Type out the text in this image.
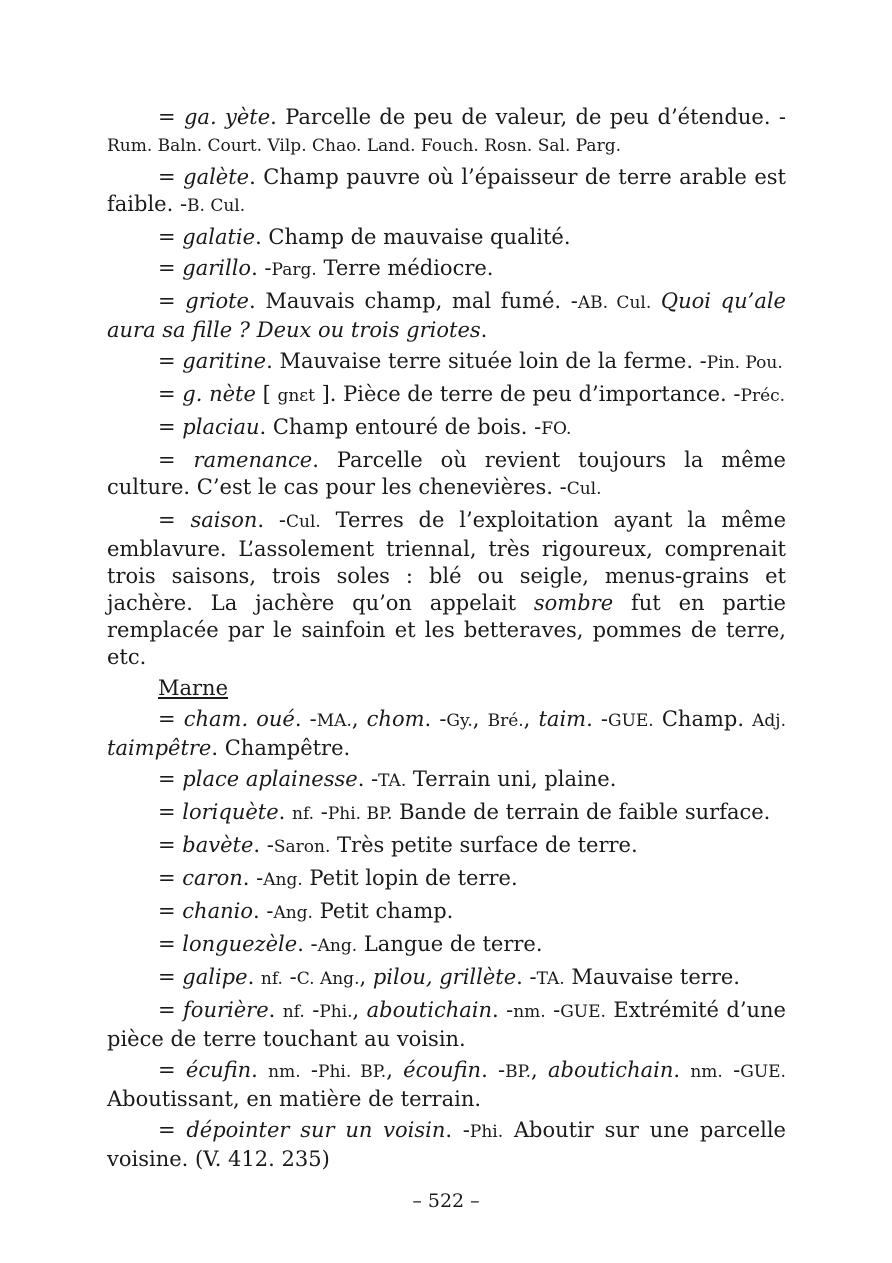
= ga. yète. Parcelle de peu de valeur, de peu d’étendue. -Rum. Baln. Court. Vilp. Chao. Land. Fouch. Rosn. Sal. Parg.
= galète. Champ pauvre où l’épaisseur de terre arable est faible. -B. Cul.
= galatie. Champ de mauvaise qualité.
= garillo. -Parg. Terre médiocre.
= griote. Mauvais champ, mal fumé. -AB. Cul. Quoi qu’ale aura sa fille ? Deux ou trois griotes.
= garitine. Mauvaise terre située loin de la ferme. -Pin. Pou.
= g. nète [ gnɛt ]. Pièce de terre de peu d’importance. -Préc.
= placiau. Champ entouré de bois. -FO.
= ramenance. Parcelle où revient toujours la même culture. C’est le cas pour les chenevières. -Cul.
= saison. -Cul. Terres de l’exploitation ayant la même emblavure. L’assolement triennal, très rigoureux, comprenait trois saisons, trois soles : blé ou seigle, menus-grains et jachère. La jachère qu’on appelait sombre fut en partie remplacée par le sainfoin et les betteraves, pommes de terre, etc.
Marne
= cham. oué. -MA., chom. -Gy., Bré., taim. -GUE. Champ. Adj. taimpêtre. Champêtre.
= place aplainesse. -TA. Terrain uni, plaine.
= loriquète. nf. -Phi. BP. Bande de terrain de faible surface.
= bavète. -Saron. Très petite surface de terre.
= caron. -Ang. Petit lopin de terre.
= chanio. -Ang. Petit champ.
= longuezèle. -Ang. Langue de terre.
= galipe. nf. -C. Ang., pilou, grillète. -TA. Mauvaise terre.
= fourière. nf. -Phi., aboutichain. -nm. -GUE. Extrémité d’une pièce de terre touchant au voisin.
= écufin. nm. -Phi. BP., écoufin. -BP., aboutichain. nm. -GUE. Aboutissant, en matière de terrain.
= dépointer sur un voisin. -Phi. Aboutir sur une parcelle voisine. (V. 412. 235)
– 522 –
